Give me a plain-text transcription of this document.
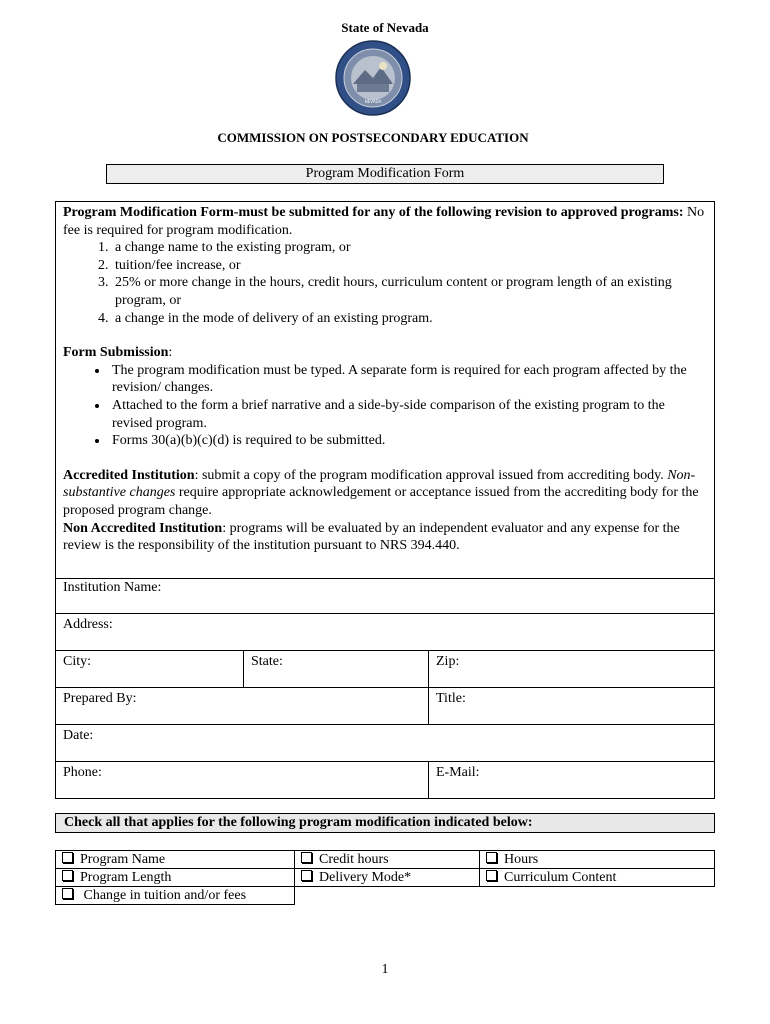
State of Nevada
NEVADA
COMMISSION ON POSTSECONDARY EDUCATION
Program Modification Form

Program Modification Form-must be submitted for any of the following revision to approved programs: No fee is required for program modification.

1. a change name to the existing program, or
2. tuition/fee increase, or
3. 25% or more change in the hours, credit hours, curriculum content or program length of an existing program, or
4. a change in the mode of delivery of an existing program.

Form Submission:

• The program modification must be typed. A separate form is required for each program affected by the revision/ changes.
• Attached to the form a brief narrative and a side-by-side comparison of the existing program to the revised program.
• Forms 30(a)(b)(c)(d) is required to be submitted.

Accredited Institution: submit a copy of the program modification approval issued from accrediting body. Non- substantive changes require appropriate acknowledgement or acceptance issued from the accrediting body for the proposed program change.

Non Accredited Institution: programs will be evaluated by an independent evaluator and any expense for the review is the responsibility of the institution pursuant to NRS 394.440.

Institution Name:
Address:
City:	State:	Zip:
Prepared By:	Title:
Date:
Phone:	E-Mail:
Check all that applies for the following program modification indicated below:
Program Name	Credit hours	Hours
Program Length	Delivery Mode*	Curriculum Content
Change in tuition and/or fees		
1
